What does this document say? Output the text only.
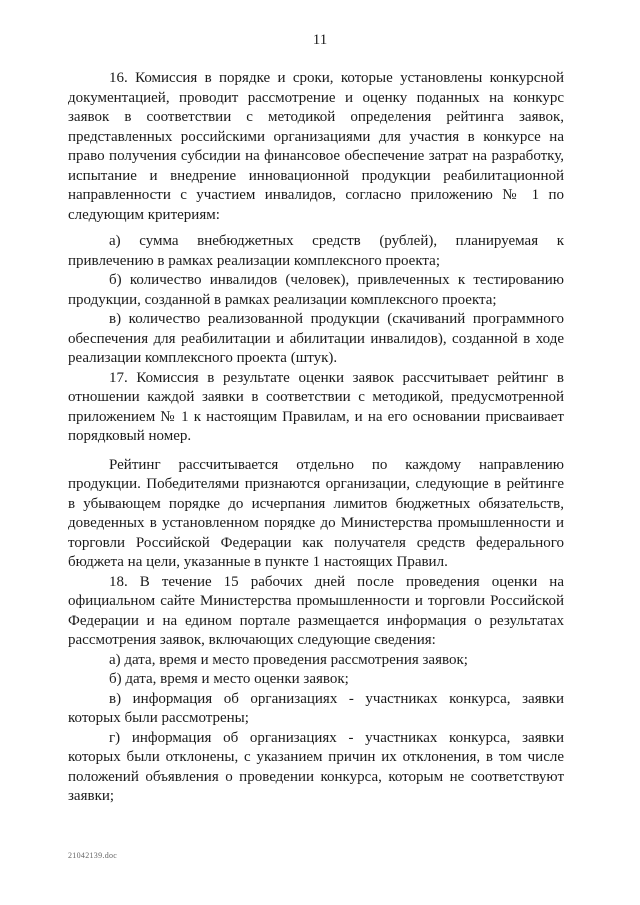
11

16. Комиссия в порядке и сроки, которые установлены конкурсной документацией, проводит рассмотрение и оценку поданных на конкурс заявок в соответствии с методикой определения рейтинга заявок, представленных российскими организациями для участия в конкурсе на право получения субсидии на финансовое обеспечение затрат на разработку, испытание и внедрение инновационной продукции реабилитационной направленности с участием инвалидов, согласно приложению № 1 по следующим критериям:

а) сумма внебюджетных средств (рублей), планируемая к привлечению в рамках реализации комплексного проекта;

б) количество инвалидов (человек), привлеченных к тестированию продукции, созданной в рамках реализации комплексного проекта;

в) количество реализованной продукции (скачиваний программного обеспечения для реабилитации и абилитации инвалидов), созданной в ходе реализации комплексного проекта (штук).

17. Комиссия в результате оценки заявок рассчитывает рейтинг в отношении каждой заявки в соответствии с методикой, предусмотренной приложением № 1 к настоящим Правилам, и на его основании присваивает порядковый номер.

Рейтинг рассчитывается отдельно по каждому направлению продукции. Победителями признаются организации, следующие в рейтинге в убывающем порядке до исчерпания лимитов бюджетных обязательств, доведенных в установленном порядке до Министерства промышленности и торговли Российской Федерации как получателя средств федерального бюджета на цели, указанные в пункте 1 настоящих Правил.

18. В течение 15 рабочих дней после проведения оценки на официальном сайте Министерства промышленности и торговли Российской Федерации и на едином портале размещается информация о результатах рассмотрения заявок, включающих следующие сведения:

а) дата, время и место проведения рассмотрения заявок;

б) дата, время и место оценки заявок;

в) информация об организациях - участниках конкурса, заявки которых были рассмотрены;

г) информация об организациях - участниках конкурса, заявки которых были отклонены, с указанием причин их отклонения, в том числе положений объявления о проведении конкурса, которым не соответствуют заявки;

21042139.doc
